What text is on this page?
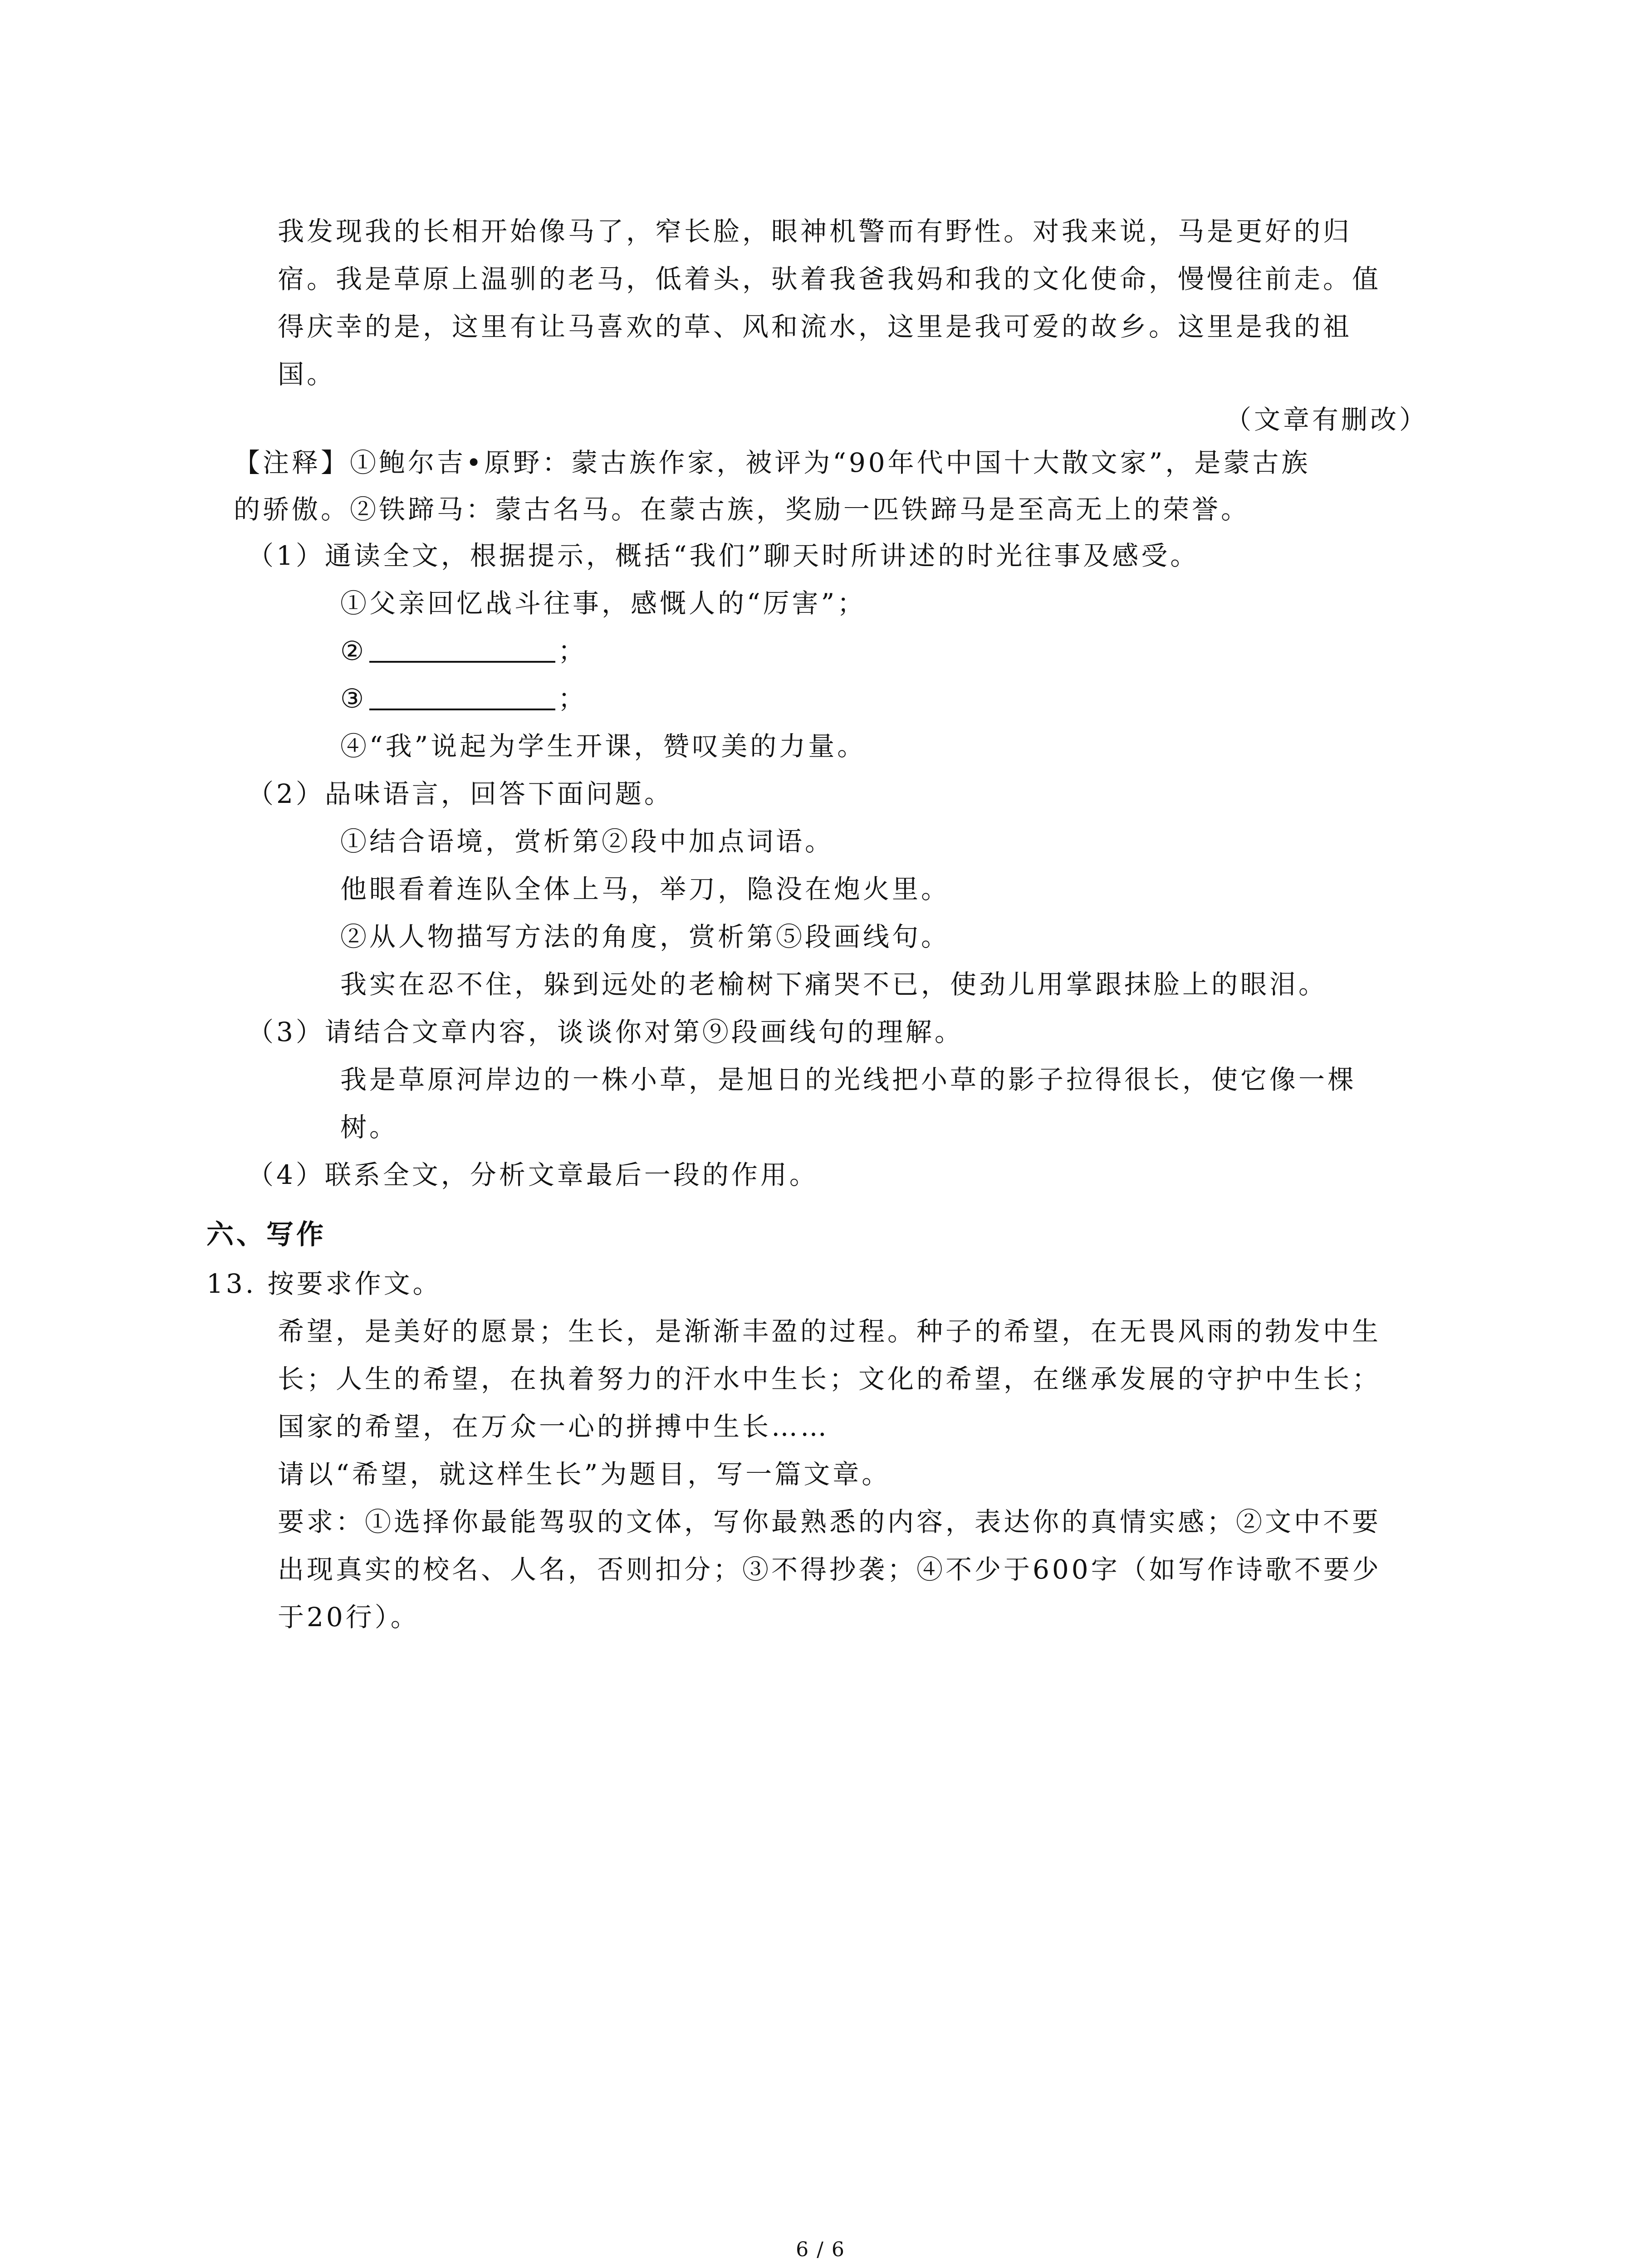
我发现我的长相开始像马了，窄长脸，眼神机警而有野性。对我来说，马是更好的归
宿。我是草原上温驯的老马，低着头，驮着我爸我妈和我的文化使命，慢慢往前走。值
得庆幸的是，这里有让马喜欢的草、风和流水，这里是我可爱的故乡。这里是我的祖
国。
（文章有删改）
【注释】①鲍尔吉•原野：蒙古族作家，被评为“90年代中国十大散文家”，是蒙古族
的骄傲。②铁蹄马：蒙古名马。在蒙古族，奖励一匹铁蹄马是至高无上的荣誉。
（1）通读全文，根据提示，概括“我们”聊天时所讲述的时光往事及感受。
①父亲回忆战斗往事，感慨人的“厉害”；
②	；
③	；
④“我”说起为学生开课，赞叹美的力量。
（2）品味语言，回答下面问题。
①结合语境，赏析第②段中加点词语。
他眼看着连队全体上马，举刀，隐没在炮火里。
②从人物描写方法的角度，赏析第⑤段画线句。
我实在忍不住，躲到远处的老榆树下痛哭不已，使劲儿用掌跟抹脸上的眼泪。
（3）请结合文章内容，谈谈你对第⑨段画线句的理解。
我是草原河岸边的一株小草，是旭日的光线把小草的影子拉得很长，使它像一棵
树。
（4）联系全文，分析文章最后一段的作用。
六、写作
13. 按要求作文。
希望，是美好的愿景；生长，是渐渐丰盈的过程。种子的希望，在无畏风雨的勃发中生
长；人生的希望，在执着努力的汗水中生长；文化的希望，在继承发展的守护中生长；
国家的希望，在万众一心的拼搏中生长……
请以“希望，就这样生长”为题目，写一篇文章。
要求：①选择你最能驾驭的文体，写你最熟悉的内容，表达你的真情实感；②文中不要
出现真实的校名、人名，否则扣分；③不得抄袭；④不少于600字（如写作诗歌不要少
于20行）。
6 / 6
